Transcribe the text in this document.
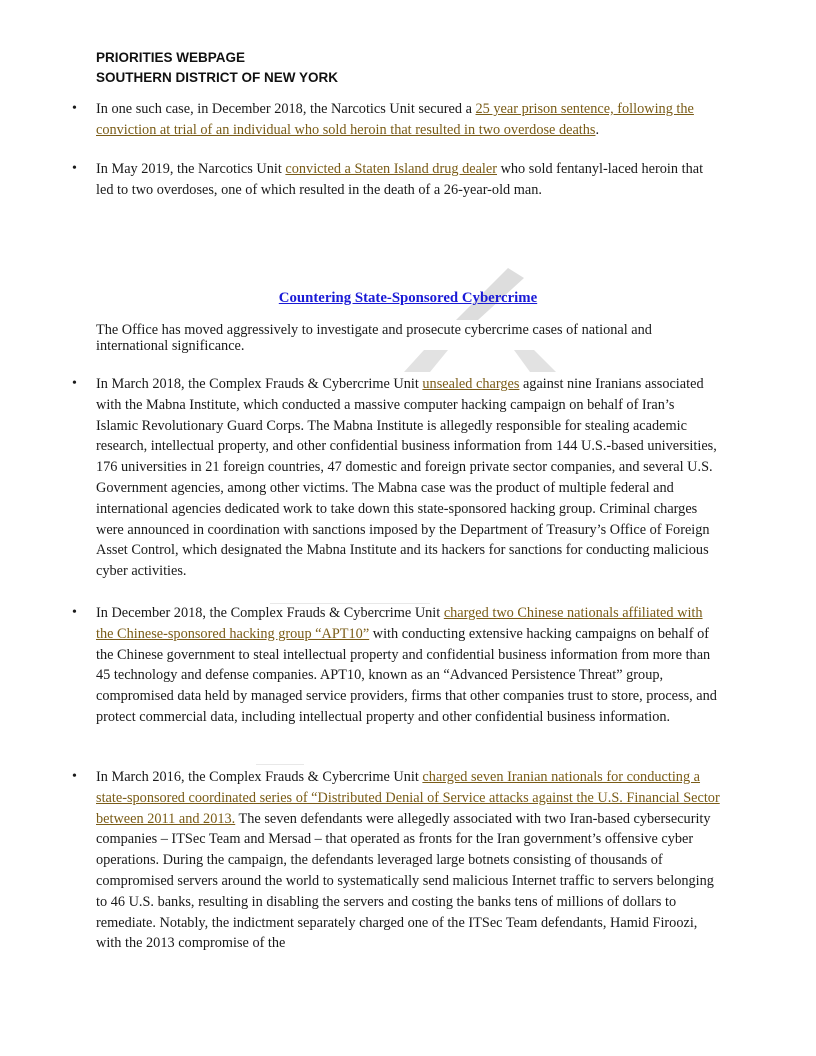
PRIORITIES WEBPAGE
SOUTHERN DISTRICT OF NEW YORK
• In one such case, in December 2018, the Narcotics Unit secured a 25 year prison sentence, following the conviction at trial of an individual who sold heroin that resulted in two overdose deaths.
• In May 2019, the Narcotics Unit convicted a Staten Island drug dealer who sold fentanyl-laced heroin that led to two overdoses, one of which resulted in the death of a 26-year-old man.
Countering State-Sponsored Cybercrime
The Office has moved aggressively to investigate and prosecute cybercrime cases of national and international significance.
• In March 2018, the Complex Frauds & Cybercrime Unit unsealed charges against nine Iranians associated with the Mabna Institute, which conducted a massive computer hacking campaign on behalf of Iran’s Islamic Revolutionary Guard Corps. The Mabna Institute is allegedly responsible for stealing academic research, intellectual property, and other confidential business information from 144 U.S.-based universities, 176 universities in 21 foreign countries, 47 domestic and foreign private sector companies, and several U.S. Government agencies, among other victims. The Mabna case was the product of multiple federal and international agencies dedicated work to take down this state-sponsored hacking group. Criminal charges were announced in coordination with sanctions imposed by the Department of Treasury’s Office of Foreign Asset Control, which designated the Mabna Institute and its hackers for sanctions for conducting malicious cyber activities.
• In December 2018, the Complex Frauds & Cybercrime Unit charged two Chinese nationals affiliated with the Chinese-sponsored hacking group “APT10” with conducting extensive hacking campaigns on behalf of the Chinese government to steal intellectual property and confidential business information from more than 45 technology and defense companies. APT10, known as an “Advanced Persistence Threat” group, compromised data held by managed service providers, firms that other companies trust to store, process, and protect commercial data, including intellectual property and other confidential business information.
• In March 2016, the Complex Frauds & Cybercrime Unit charged seven Iranian nationals for conducting a state-sponsored coordinated series of “Distributed Denial of Service attacks against the U.S. Financial Sector between 2011 and 2013. The seven defendants were allegedly associated with two Iran-based cybersecurity companies – ITSec Team and Mersad – that operated as fronts for the Iran government’s offensive cyber operations. During the campaign, the defendants leveraged large botnets consisting of thousands of compromised servers around the world to systematically send malicious Internet traffic to servers belonging to 46 U.S. banks, resulting in disabling the servers and costing the banks tens of millions of dollars to remediate. Notably, the indictment separately charged one of the ITSec Team defendants, Hamid Firoozi, with the 2013 compromise of the
